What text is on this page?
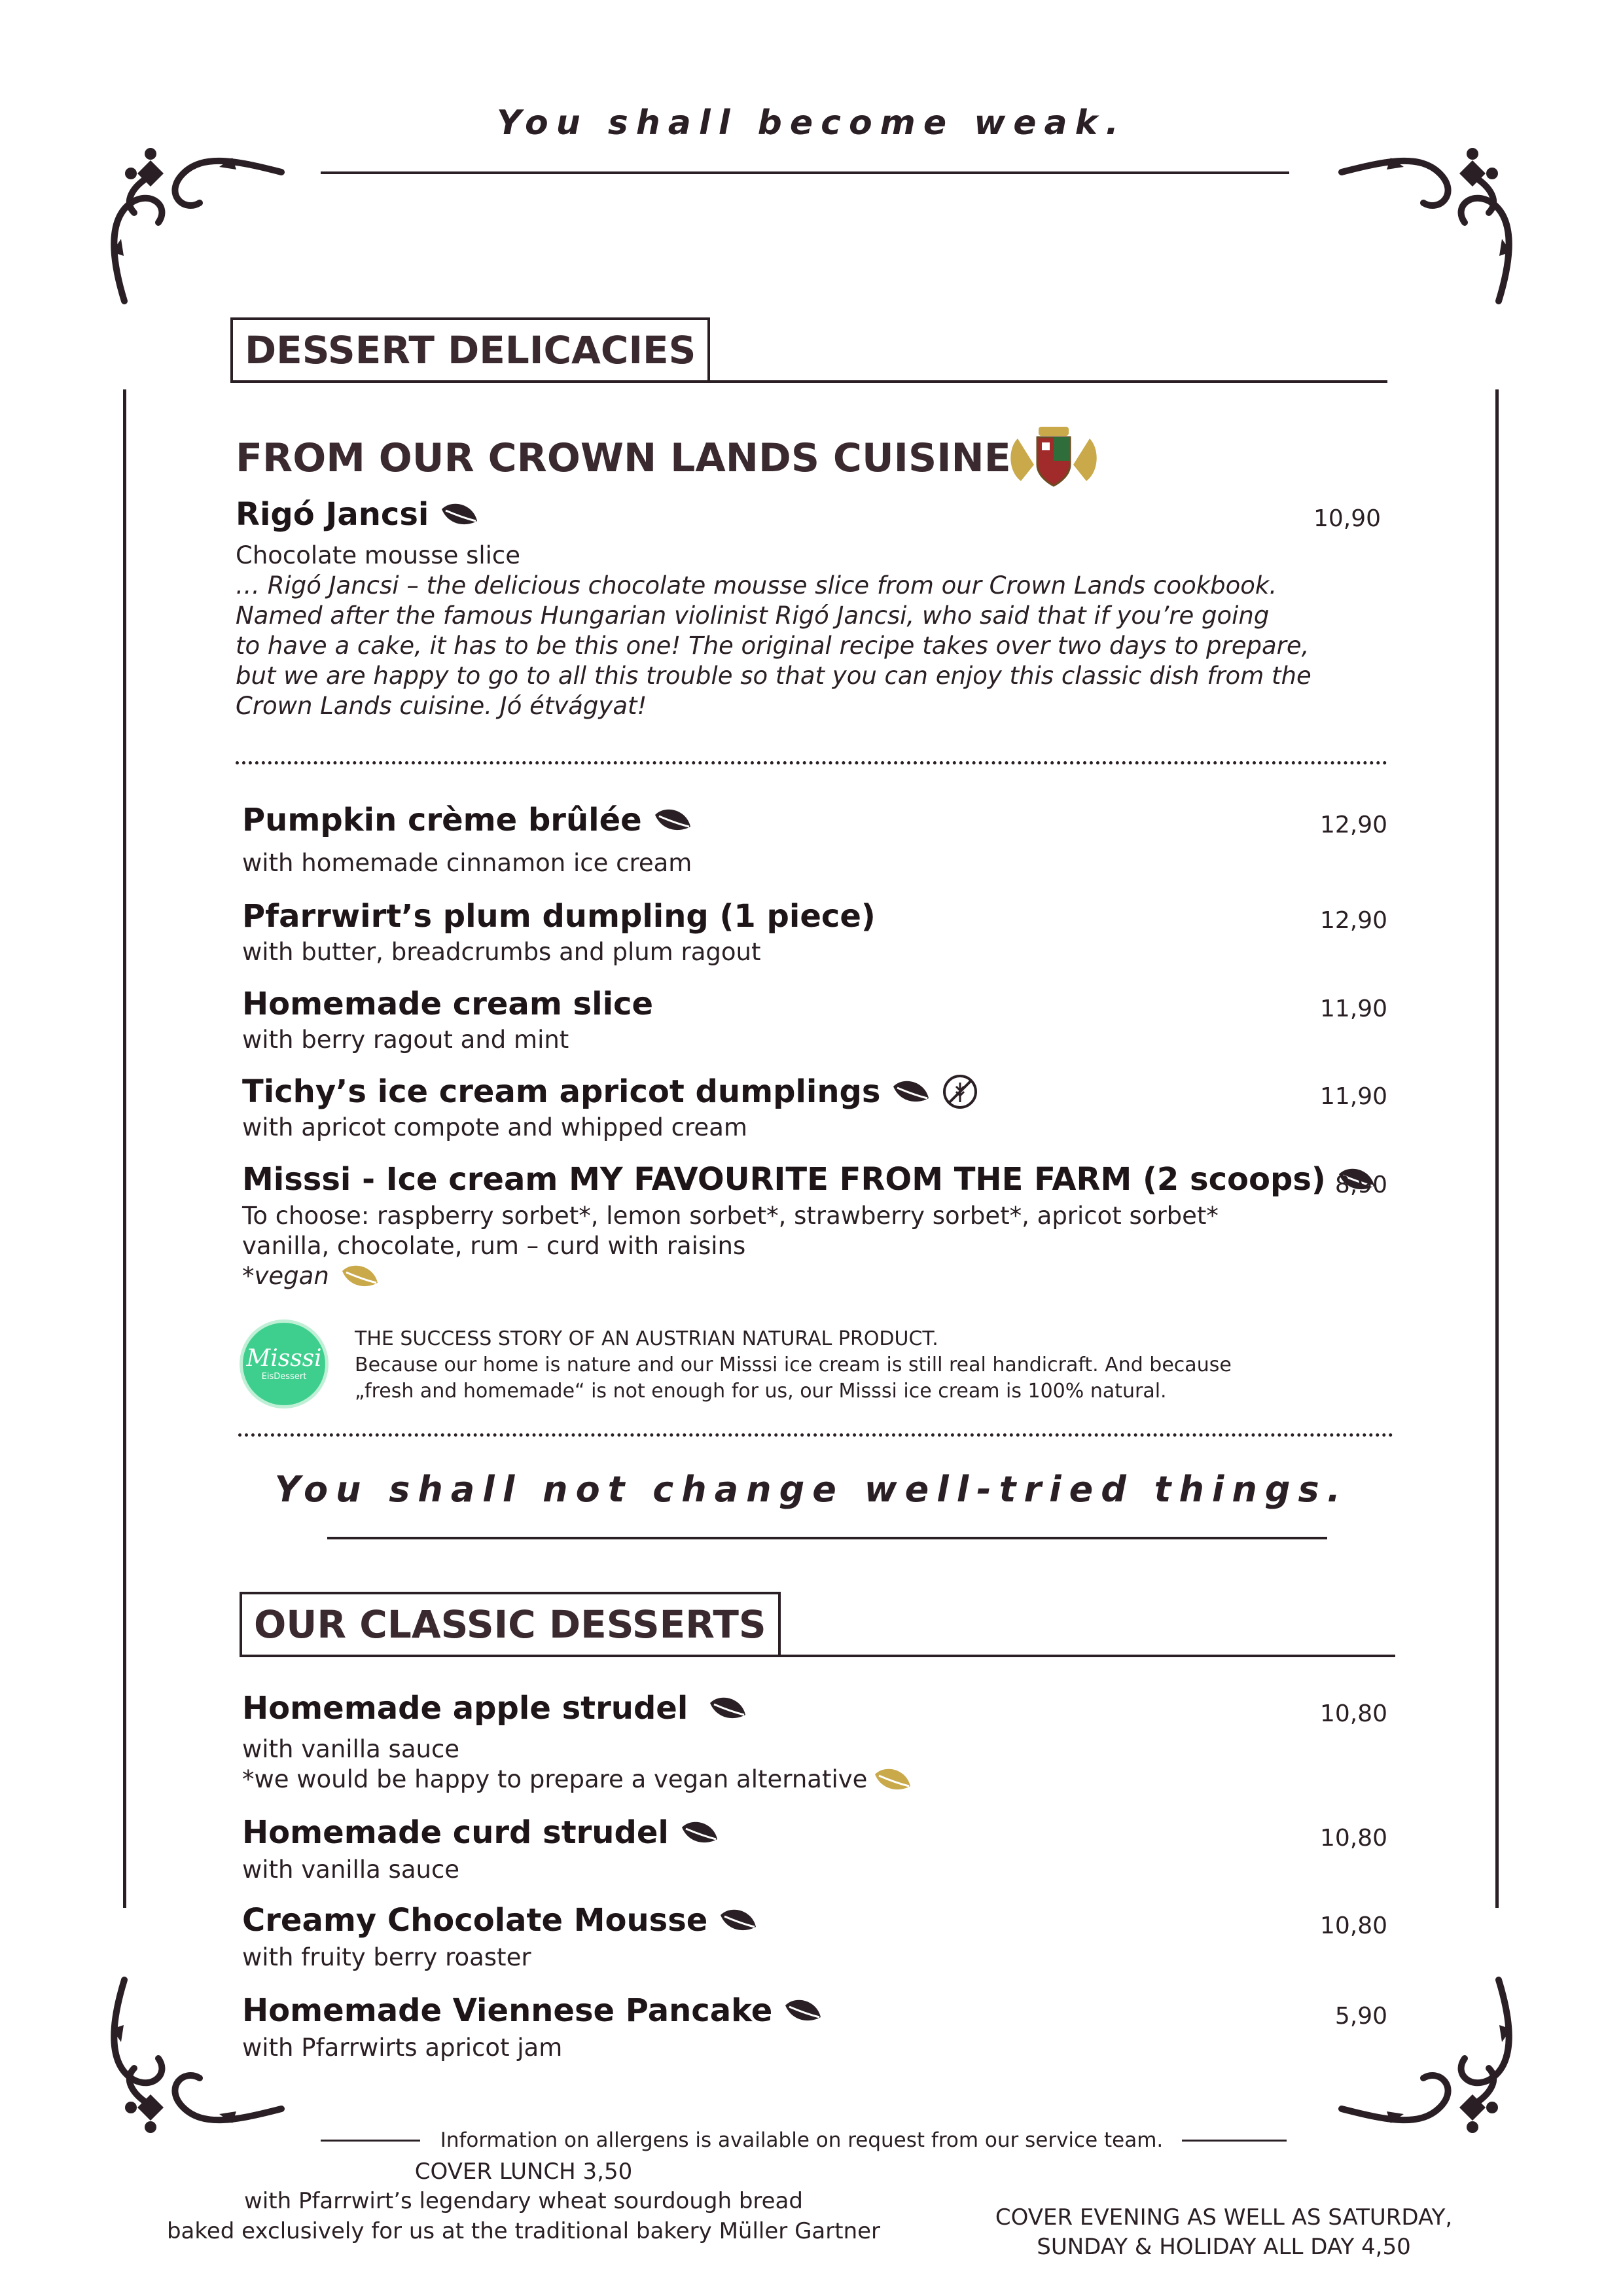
You shall become weak.
DESSERT DELICACIES
FROM OUR CROWN LANDS CUISINE
Rigó Jancsi	10,90
Chocolate mousse slice
… Rigó Jancsi – the delicious chocolate mousse slice from our Crown Lands cookbook.
Named after the famous Hungarian violinist Rigó Jancsi, who said that if you’re going
to have a cake, it has to be this one! The original recipe takes over two days to prepare,
but we are happy to go to all this trouble so that you can enjoy this classic dish from the
Crown Lands cuisine. Jó étvágyat!
Pumpkin crème brûlée	12,90
with homemade cinnamon ice cream
Pfarrwirt’s plum dumpling (1 piece)	12,90
with butter, breadcrumbs and plum ragout
Homemade cream slice	11,90
with berry ragout and mint
Tichy’s ice cream apricot dumplings	11,90
with apricot compote and whipped cream
Misssi - Ice cream MY FAVOURITE FROM THE FARM (2 scoops) 8,90
To choose: raspberry sorbet*, lemon sorbet*, strawberry sorbet*, apricot sorbet*
vanilla, chocolate, rum – curd with raisins
*vegan
Misssi
EisDessert
THE SUCCESS STORY OF AN AUSTRIAN NATURAL PRODUCT.
Because our home is nature and our Misssi ice cream is still real handicraft. And because
„fresh and homemade“ is not enough for us, our Misssi ice cream is 100% natural.
You shall not change well-tried things.
OUR CLASSIC DESSERTS
Homemade apple strudel	10,80
with vanilla sauce
*we would be happy to prepare a vegan alternative
Homemade curd strudel	10,80
with vanilla sauce
Creamy Chocolate Mousse	10,80
with fruity berry roaster
Homemade Viennese Pancake	5,90
with Pfarrwirts apricot jam
Information on allergens is available on request from our service team.
COVER LUNCH 3,50
with Pfarrwirt’s legendary wheat sourdough bread
baked exclusively for us at the traditional bakery Müller Gartner
COVER EVENING AS WELL AS SATURDAY,
SUNDAY & HOLIDAY ALL DAY 4,50
